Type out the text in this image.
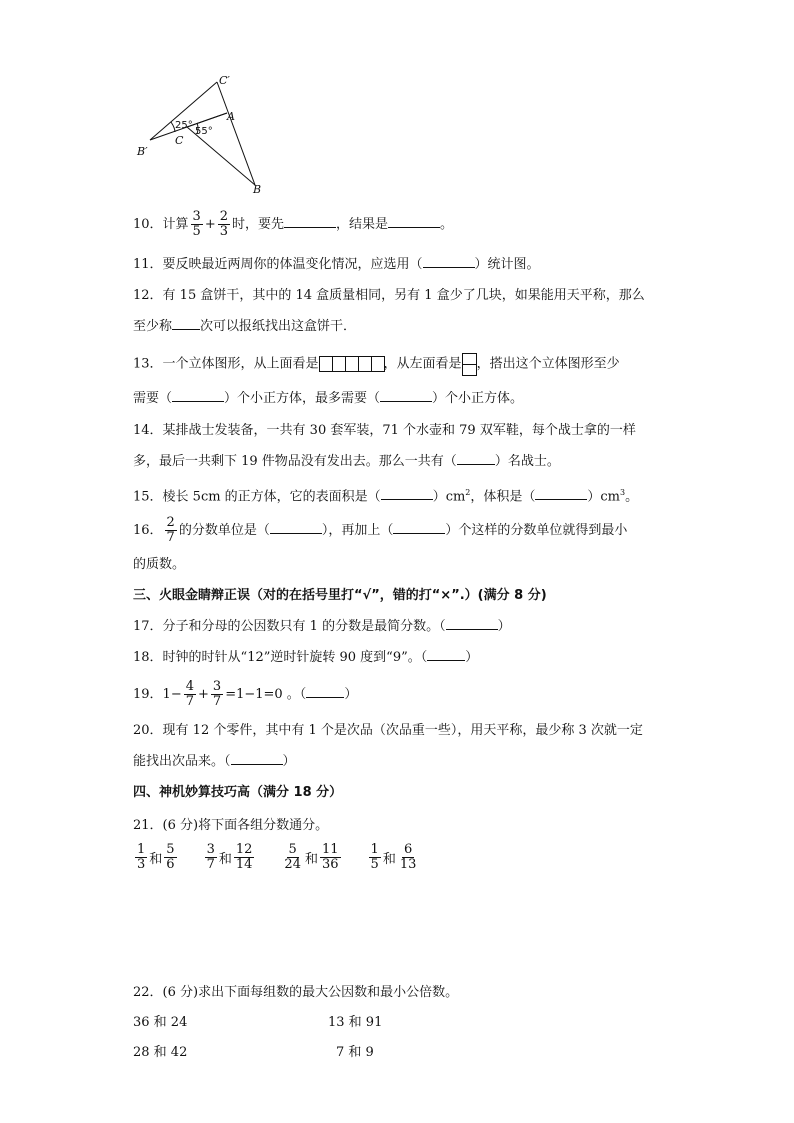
C′
A
B′
C
B
25°
55°
10．计算 $\frac{3}{5} + \frac{2}{3}$ 时，要先	，结果是	。
11．要反映最近两周你的体温变化情况，应选用（	）统计图。
12．有 15 盒饼干，其中的 14 盒质量相同，另有 1 盒少了几块，如果能用天平称，那么
至少称 次可以报纸找出这盒饼干．
13．一个立体图形，从上面看是	，从左面看是 ，搭出这个立体图形至少
需要（	）个小正方体，最多需要（	）个小正方体。
14．某排战士发装备，一共有 30 套军装，71 个水壶和 79 双军鞋，每个战士拿的一样
多，最后一共剩下 19 件物品没有发出去。那么一共有（	）名战士。
15．棱长 5cm 的正方体，它的表面积是（	）$cm^2$，体积是（	）$cm^3$。
16． $\frac{2}{7}$ 的分数单位是（	），再加上（	）个这样的分数单位就得到最小
的质数。
三、火眼金睛辩正误（对的在括号里打“√”，错的打“×”.）(满分 8 分)
17．分子和分母的公因数只有 1 的分数是最简分数。（	）
18．时钟的时针从“12”逆时针旋转 90 度到“9”。（	）
19．$1- \frac{4}{7} + \frac{3}{7} =1-1=0$ 。（	）
20．现有 12 个零件，其中有 1 个是次品（次品重一些），用天平称，最少称 3 次就一定
能找出次品来。（	）
四、神机妙算技巧高（满分 18 分）
21．(6 分)将下面各组分数通分。
$\frac{1}{3}$ 和 $\frac{5}{6} \frac{3}{7}$ 和 $\frac{12}{14} \frac{5}{24}$ 和 $\frac{11}{36} \frac{1}{5}$ 和 $\frac{6}{13}$
22．(6 分)求出下面每组数的最大公因数和最小公倍数。
36 和 24	13 和 91
28 和 42	7 和 9
